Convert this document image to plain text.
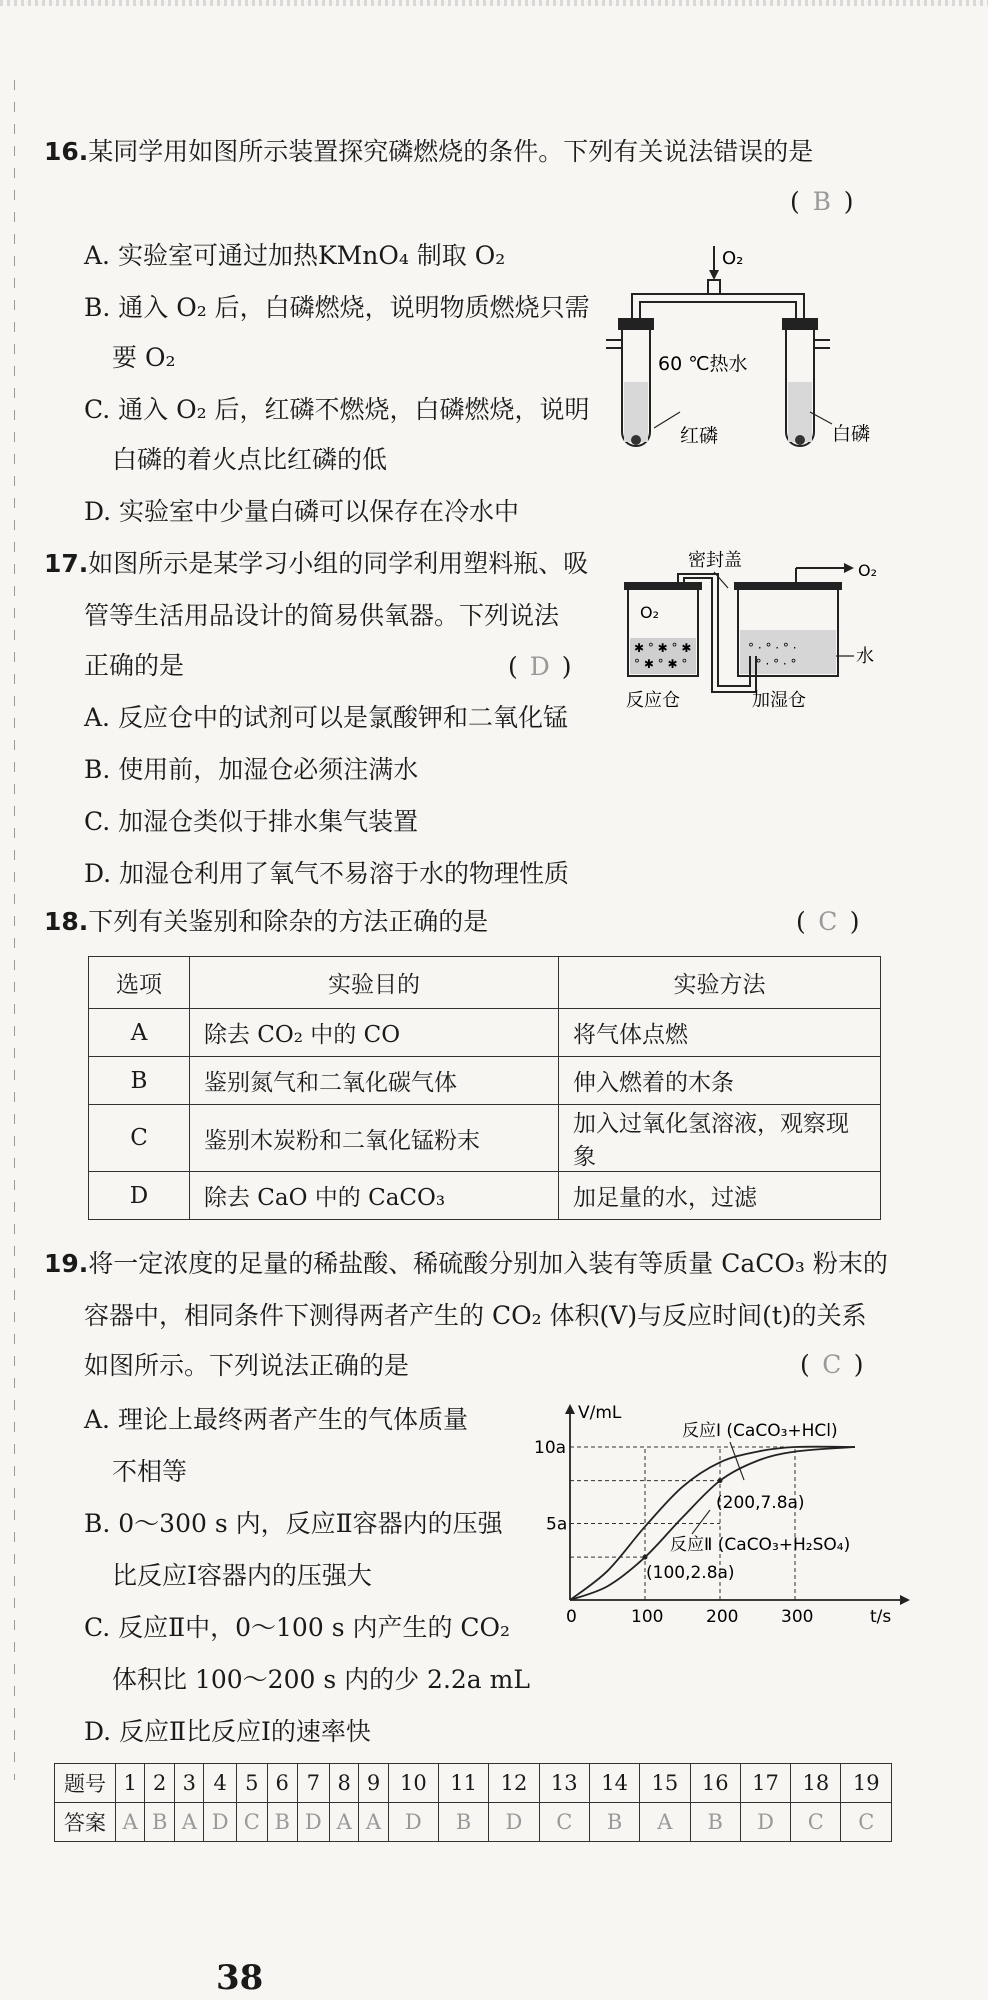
16.某同学用如图所示装置探究磷燃烧的条件。下列有关说法错误的是
( B )
A. 实验室可通过加热KMnO₄ 制取 O₂
B. 通入 O₂ 后，白磷燃烧，说明物质燃烧只需
要 O₂
C. 通入 O₂ 后，红磷不燃烧，白磷燃烧，说明
白磷的着火点比红磷的低
D. 实验室中少量白磷可以保存在冷水中
O₂
60 ℃热水
红磷	白磷
17.如图所示是某学习小组的同学利用塑料瓶、吸
管等生活用品设计的简易供氧器。下列说法
正确的是	( D )
A. 反应仓中的试剂可以是氯酸钾和二氧化锰
B. 使用前，加湿仓必须注满水
C. 加湿仓类似于排水集气装置
D. 加湿仓利用了氧气不易溶于水的物理性质
密封盖
O₂
✱ ° ✱ ° ✱
° ✱ ° ✱ °
° · ° · ° ·
· ° · ° · °
O₂
水
反应仓	加湿仓
18.下列有关鉴别和除杂的方法正确的是	( C )
选项	实验目的	实验方法
A	除去 CO₂ 中的 CO	将气体点燃
B	鉴别氮气和二氧化碳气体	伸入燃着的木条
C	鉴别木炭粉和二氧化锰粉末	加入过氧化氢溶液，观察现象
D	除去 CaO 中的 CaCO₃	加足量的水，过滤
19.将一定浓度的足量的稀盐酸、稀硫酸分别加入装有等质量 CaCO₃ 粉末的
容器中，相同条件下测得两者产生的 CO₂ 体积(V)与反应时间(t)的关系
如图所示。下列说法正确的是	( C )
A. 理论上最终两者产生的气体质量
不相等
B. 0～300 s 内，反应Ⅱ容器内的压强
比反应Ⅰ容器内的压强大
C. 反应Ⅱ中，0～100 s 内产生的 CO₂
体积比 100～200 s 内的少 2.2a mL
D. 反应Ⅱ比反应Ⅰ的速率快
0	100	200	300
5a
10a
V/mL
t/s
反应Ⅰ (CaCO₃+HCl)
反应Ⅱ (CaCO₃+H₂SO₄)
(200,7.8a)
(100,2.8a)
题号	1	2	3	4	5	6	7	8	9	10	11	12	13	14	15	16	17	18	19
答案	A	B	A	D	C	B	D	A	A	D	B	D	C	B	A	B	D	C	C
38
